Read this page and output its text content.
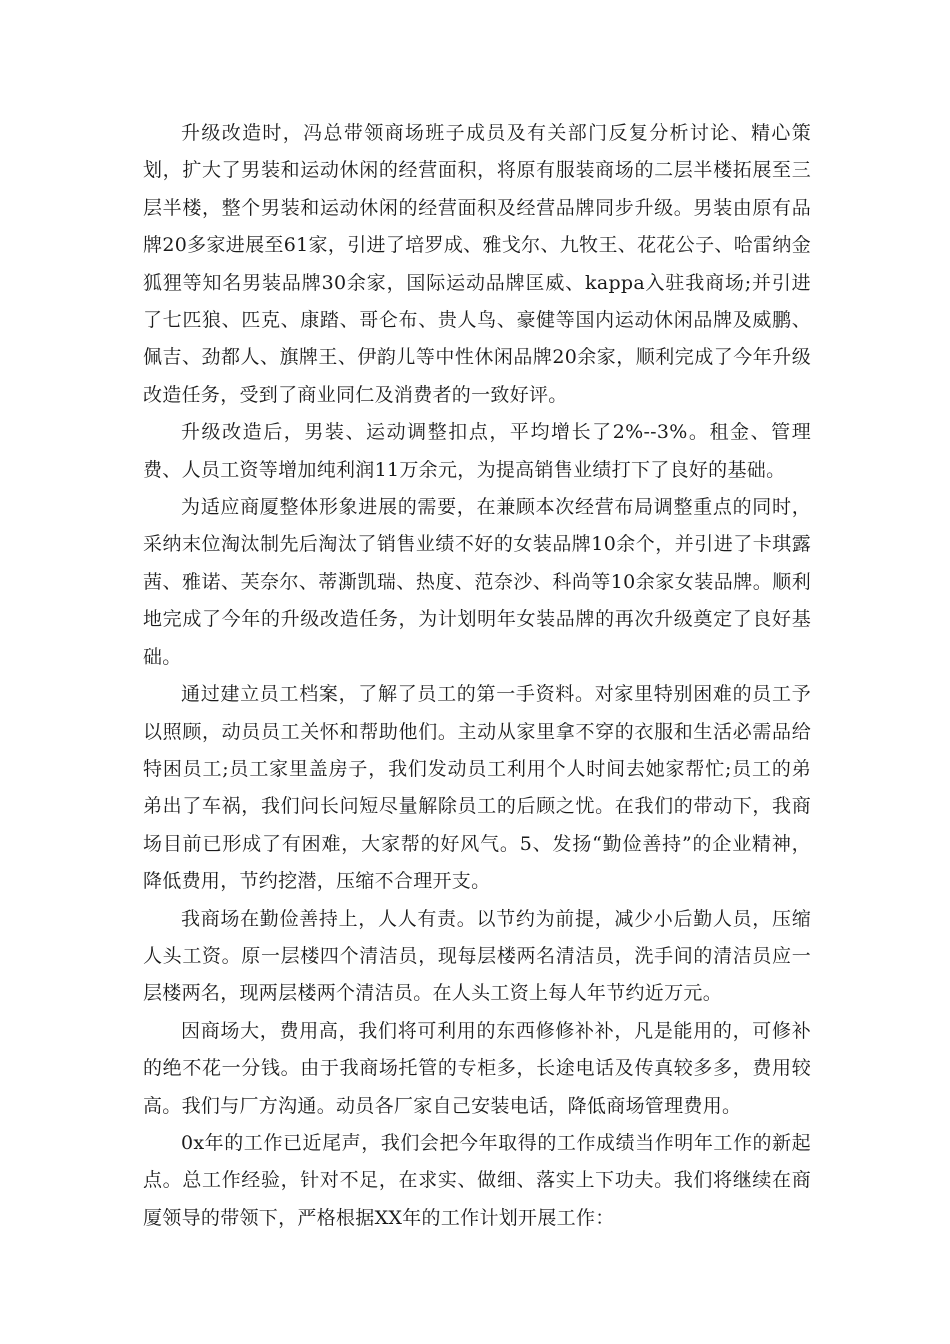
升级改造时，冯总带领商场班子成员及有关部门反复分析讨论、精心策划，扩大了男装和运动休闲的经营面积，将原有服装商场的二层半楼拓展至三层半楼，整个男装和运动休闲的经营面积及经营品牌同步升级。男装由原有品牌20多家进展至61家，引进了培罗成、雅戈尔、九牧王、花花公子、哈雷纳金狐狸等知名男装品牌30余家，国际运动品牌匡威、kappa入驻我商场;并引进了七匹狼、匹克、康踏、哥仑布、贵人鸟、豪健等国内运动休闲品牌及威鹏、佩吉、劲都人、旗牌王、伊韵儿等中性休闲品牌20余家，顺利完成了今年升级改造任务，受到了商业同仁及消费者的一致好评。

升级改造后，男装、运动调整扣点，平均增长了2%--3%。租金、管理费、人员工资等增加纯利润11万余元，为提高销售业绩打下了良好的基础。

为适应商厦整体形象进展的需要，在兼顾本次经营布局调整重点的同时，采纳末位淘汰制先后淘汰了销售业绩不好的女装品牌10余个，并引进了卡琪露茜、雅诺、芙奈尔、蒂澌凯瑞、热度、范奈沙、科尚等10余家女装品牌。顺利地完成了今年的升级改造任务，为计划明年女装品牌的再次升级奠定了良好基础。

通过建立员工档案，了解了员工的第一手资料。对家里特别困难的员工予以照顾，动员员工关怀和帮助他们。主动从家里拿不穿的衣服和生活必需品给特困员工;员工家里盖房子，我们发动员工利用个人时间去她家帮忙;员工的弟弟出了车祸，我们问长问短尽量解除员工的后顾之忧。在我们的带动下，我商场目前已形成了有困难，大家帮的好风气。5、发扬“勤俭善持”的企业精神，降低费用，节约挖潜，压缩不合理开支。

我商场在勤俭善持上，人人有责。以节约为前提，减少小后勤人员，压缩人头工资。原一层楼四个清洁员，现每层楼两名清洁员，洗手间的清洁员应一层楼两名，现两层楼两个清洁员。在人头工资上每人年节约近万元。

因商场大，费用高，我们将可利用的东西修修补补，凡是能用的，可修补的绝不花一分钱。由于我商场托管的专柜多，长途电话及传真较多多，费用较高。我们与厂方沟通。动员各厂家自己安装电话，降低商场管理费用。

0x年的工作已近尾声，我们会把今年取得的工作成绩当作明年工作的新起点。总工作经验，针对不足，在求实、做细、落实上下功夫。我们将继续在商厦领导的带领下，严格根据XX年的工作计划开展工作：
